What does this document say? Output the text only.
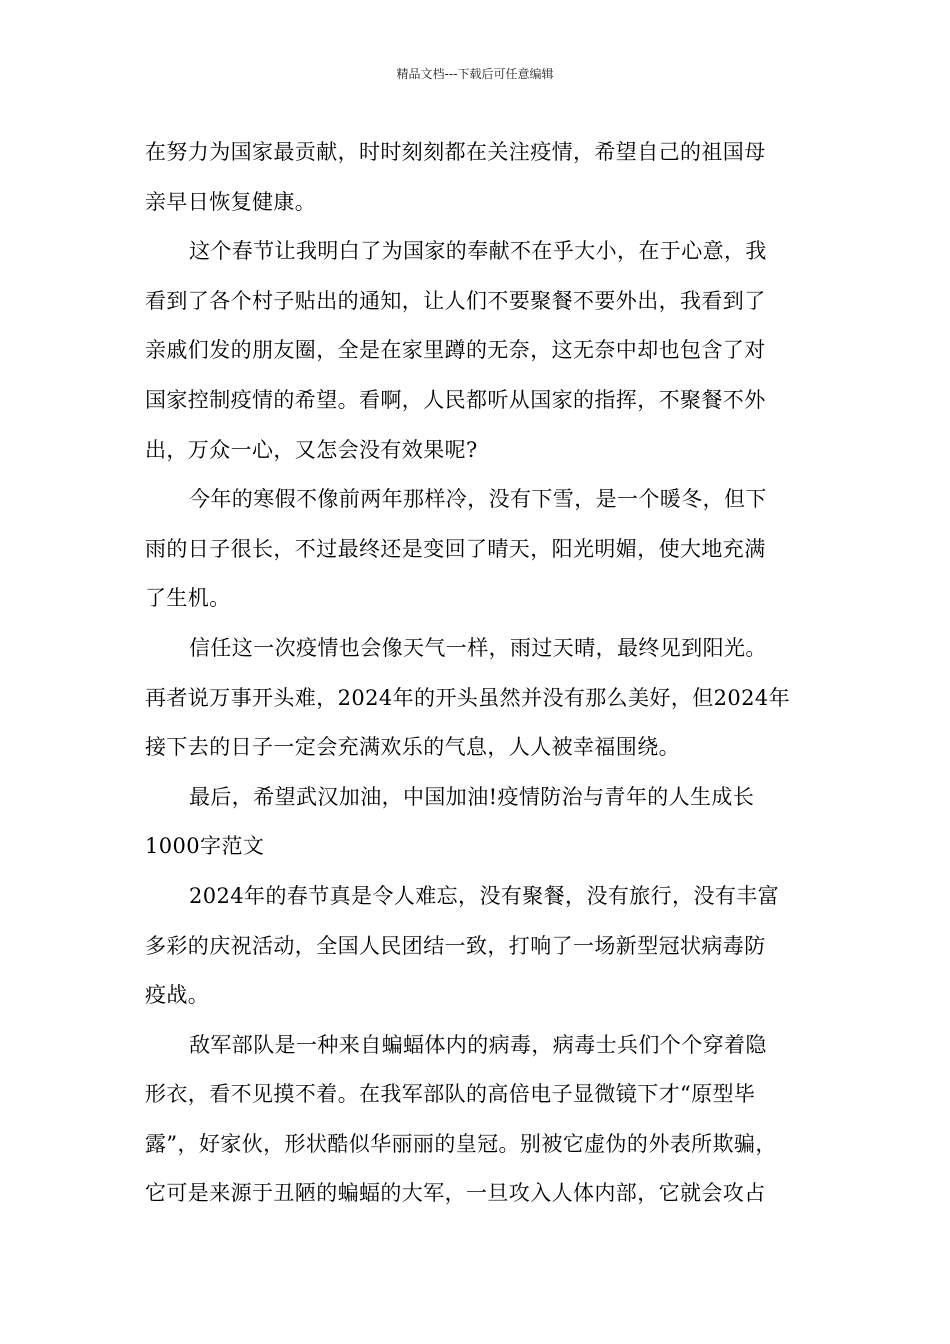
精品文档---下载后可任意编辑
在努力为国家最贡献，时时刻刻都在关注疫情，希望自己的祖国母
亲早日恢复健康。
这个春节让我明白了为国家的奉献不在乎大小，在于心意，我
看到了各个村子贴出的通知，让人们不要聚餐不要外出，我看到了
亲戚们发的朋友圈，全是在家里蹲的无奈，这无奈中却也包含了对
国家控制疫情的希望。看啊，人民都听从国家的指挥，不聚餐不外
出，万众一心，又怎会没有效果呢?
今年的寒假不像前两年那样冷，没有下雪，是一个暖冬，但下
雨的日子很长，不过最终还是变回了晴天，阳光明媚，使大地充满
了生机。
信任这一次疫情也会像天气一样，雨过天晴，最终见到阳光。
再者说万事开头难，2024年的开头虽然并没有那么美好，但2024年
接下去的日子一定会充满欢乐的气息，人人被幸福围绕。
最后，希望武汉加油，中国加油!疫情防治与青年的人生成长
1000字范文
2024年的春节真是令人难忘，没有聚餐，没有旅行，没有丰富
多彩的庆祝活动，全国人民团结一致，打响了一场新型冠状病毒防
疫战。
敌军部队是一种来自蝙蝠体内的病毒，病毒士兵们个个穿着隐
形衣，看不见摸不着。在我军部队的高倍电子显微镜下才“原型毕
露”，好家伙，形状酷似华丽丽的皇冠。别被它虚伪的外表所欺骗，
它可是来源于丑陋的蝙蝠的大军，一旦攻入人体内部，它就会攻占
